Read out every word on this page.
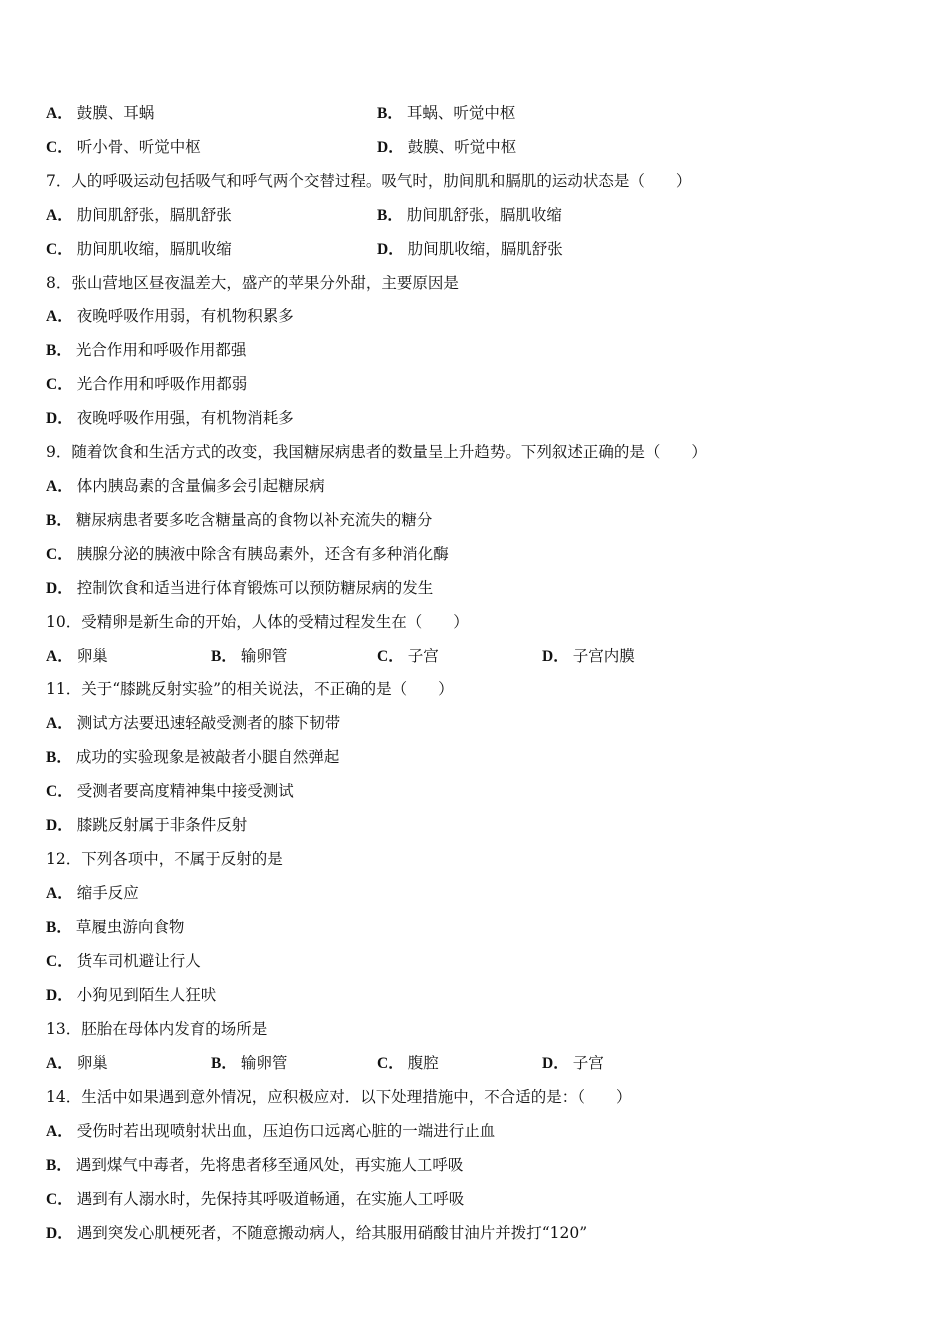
A． 鼓膜、耳蜗	B． 耳蜗、听觉中枢
C． 听小骨、听觉中枢	D． 鼓膜、听觉中枢
7．人的呼吸运动包括吸气和呼气两个交替过程。吸气时，肋间肌和膈肌的运动状态是（　　）
A． 肋间肌舒张，膈肌舒张	B． 肋间肌舒张，膈肌收缩
C． 肋间肌收缩，膈肌收缩	D． 肋间肌收缩，膈肌舒张
8．张山营地区昼夜温差大，盛产的苹果分外甜，主要原因是
A． 夜晚呼吸作用弱，有机物积累多
B． 光合作用和呼吸作用都强
C． 光合作用和呼吸作用都弱
D． 夜晚呼吸作用强，有机物消耗多
9．随着饮食和生活方式的改变，我国糖尿病患者的数量呈上升趋势。下列叙述正确的是（　　）
A． 体内胰岛素的含量偏多会引起糖尿病
B． 糖尿病患者要多吃含糖量高的食物以补充流失的糖分
C． 胰腺分泌的胰液中除含有胰岛素外，还含有多种消化酶
D． 控制饮食和适当进行体育锻炼可以预防糖尿病的发生
10．受精卵是新生命的开始，人体的受精过程发生在（　　）
A． 卵巢	B． 输卵管	C． 子宫	D． 子宫内膜
11．关于“膝跳反射实验”的相关说法，不正确的是（　　）
A． 测试方法要迅速轻敲受测者的膝下韧带
B． 成功的实验现象是被敲者小腿自然弹起
C． 受测者要高度精神集中接受测试
D． 膝跳反射属于非条件反射
12．下列各项中，不属于反射的是
A． 缩手反应
B． 草履虫游向食物
C． 货车司机避让行人
D． 小狗见到陌生人狂吠
13．胚胎在母体内发育的场所是
A． 卵巢	B． 输卵管	C． 腹腔	D． 子宫
14．生活中如果遇到意外情况，应积极应对．以下处理措施中，不合适的是：（　　）
A． 受伤时若出现喷射状出血，压迫伤口远离心脏的一端进行止血
B． 遇到煤气中毒者，先将患者移至通风处，再实施人工呼吸
C． 遇到有人溺水时，先保持其呼吸道畅通，在实施人工呼吸
D． 遇到突发心肌梗死者，不随意搬动病人，给其服用硝酸甘油片并拨打“120”
